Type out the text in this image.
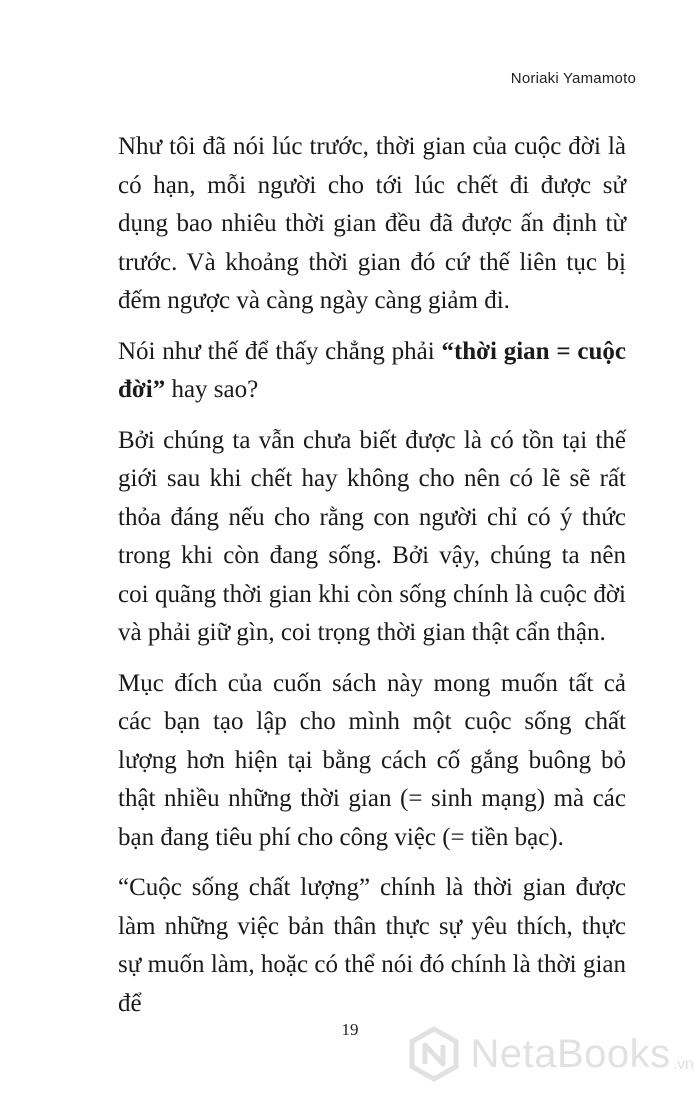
Noriaki Yamamoto

Như tôi đã nói lúc trước, thời gian của cuộc đời là có hạn, mỗi người cho tới lúc chết đi được sử dụng bao nhiêu thời gian đều đã được ấn định từ trước. Và khoảng thời gian đó cứ thế liên tục bị đếm ngược và càng ngày càng giảm đi.

Nói như thế để thấy chẳng phải “thời gian = cuộc đời” hay sao?

Bởi chúng ta vẫn chưa biết được là có tồn tại thế giới sau khi chết hay không cho nên có lẽ sẽ rất thỏa đáng nếu cho rằng con người chỉ có ý thức trong khi còn đang sống. Bởi vậy, chúng ta nên coi quãng thời gian khi còn sống chính là cuộc đời và phải giữ gìn, coi trọng thời gian thật cẩn thận.

Mục đích của cuốn sách này mong muốn tất cả các bạn tạo lập cho mình một cuộc sống chất lượng hơn hiện tại bằng cách cố gắng buông bỏ thật nhiều những thời gian (= sinh mạng) mà các bạn đang tiêu phí cho công việc (= tiền bạc).

“Cuộc sống chất lượng” chính là thời gian được làm những việc bản thân thực sự yêu thích, thực sự muốn làm, hoặc có thể nói đó chính là thời gian để

19
NetaBooks .vn
